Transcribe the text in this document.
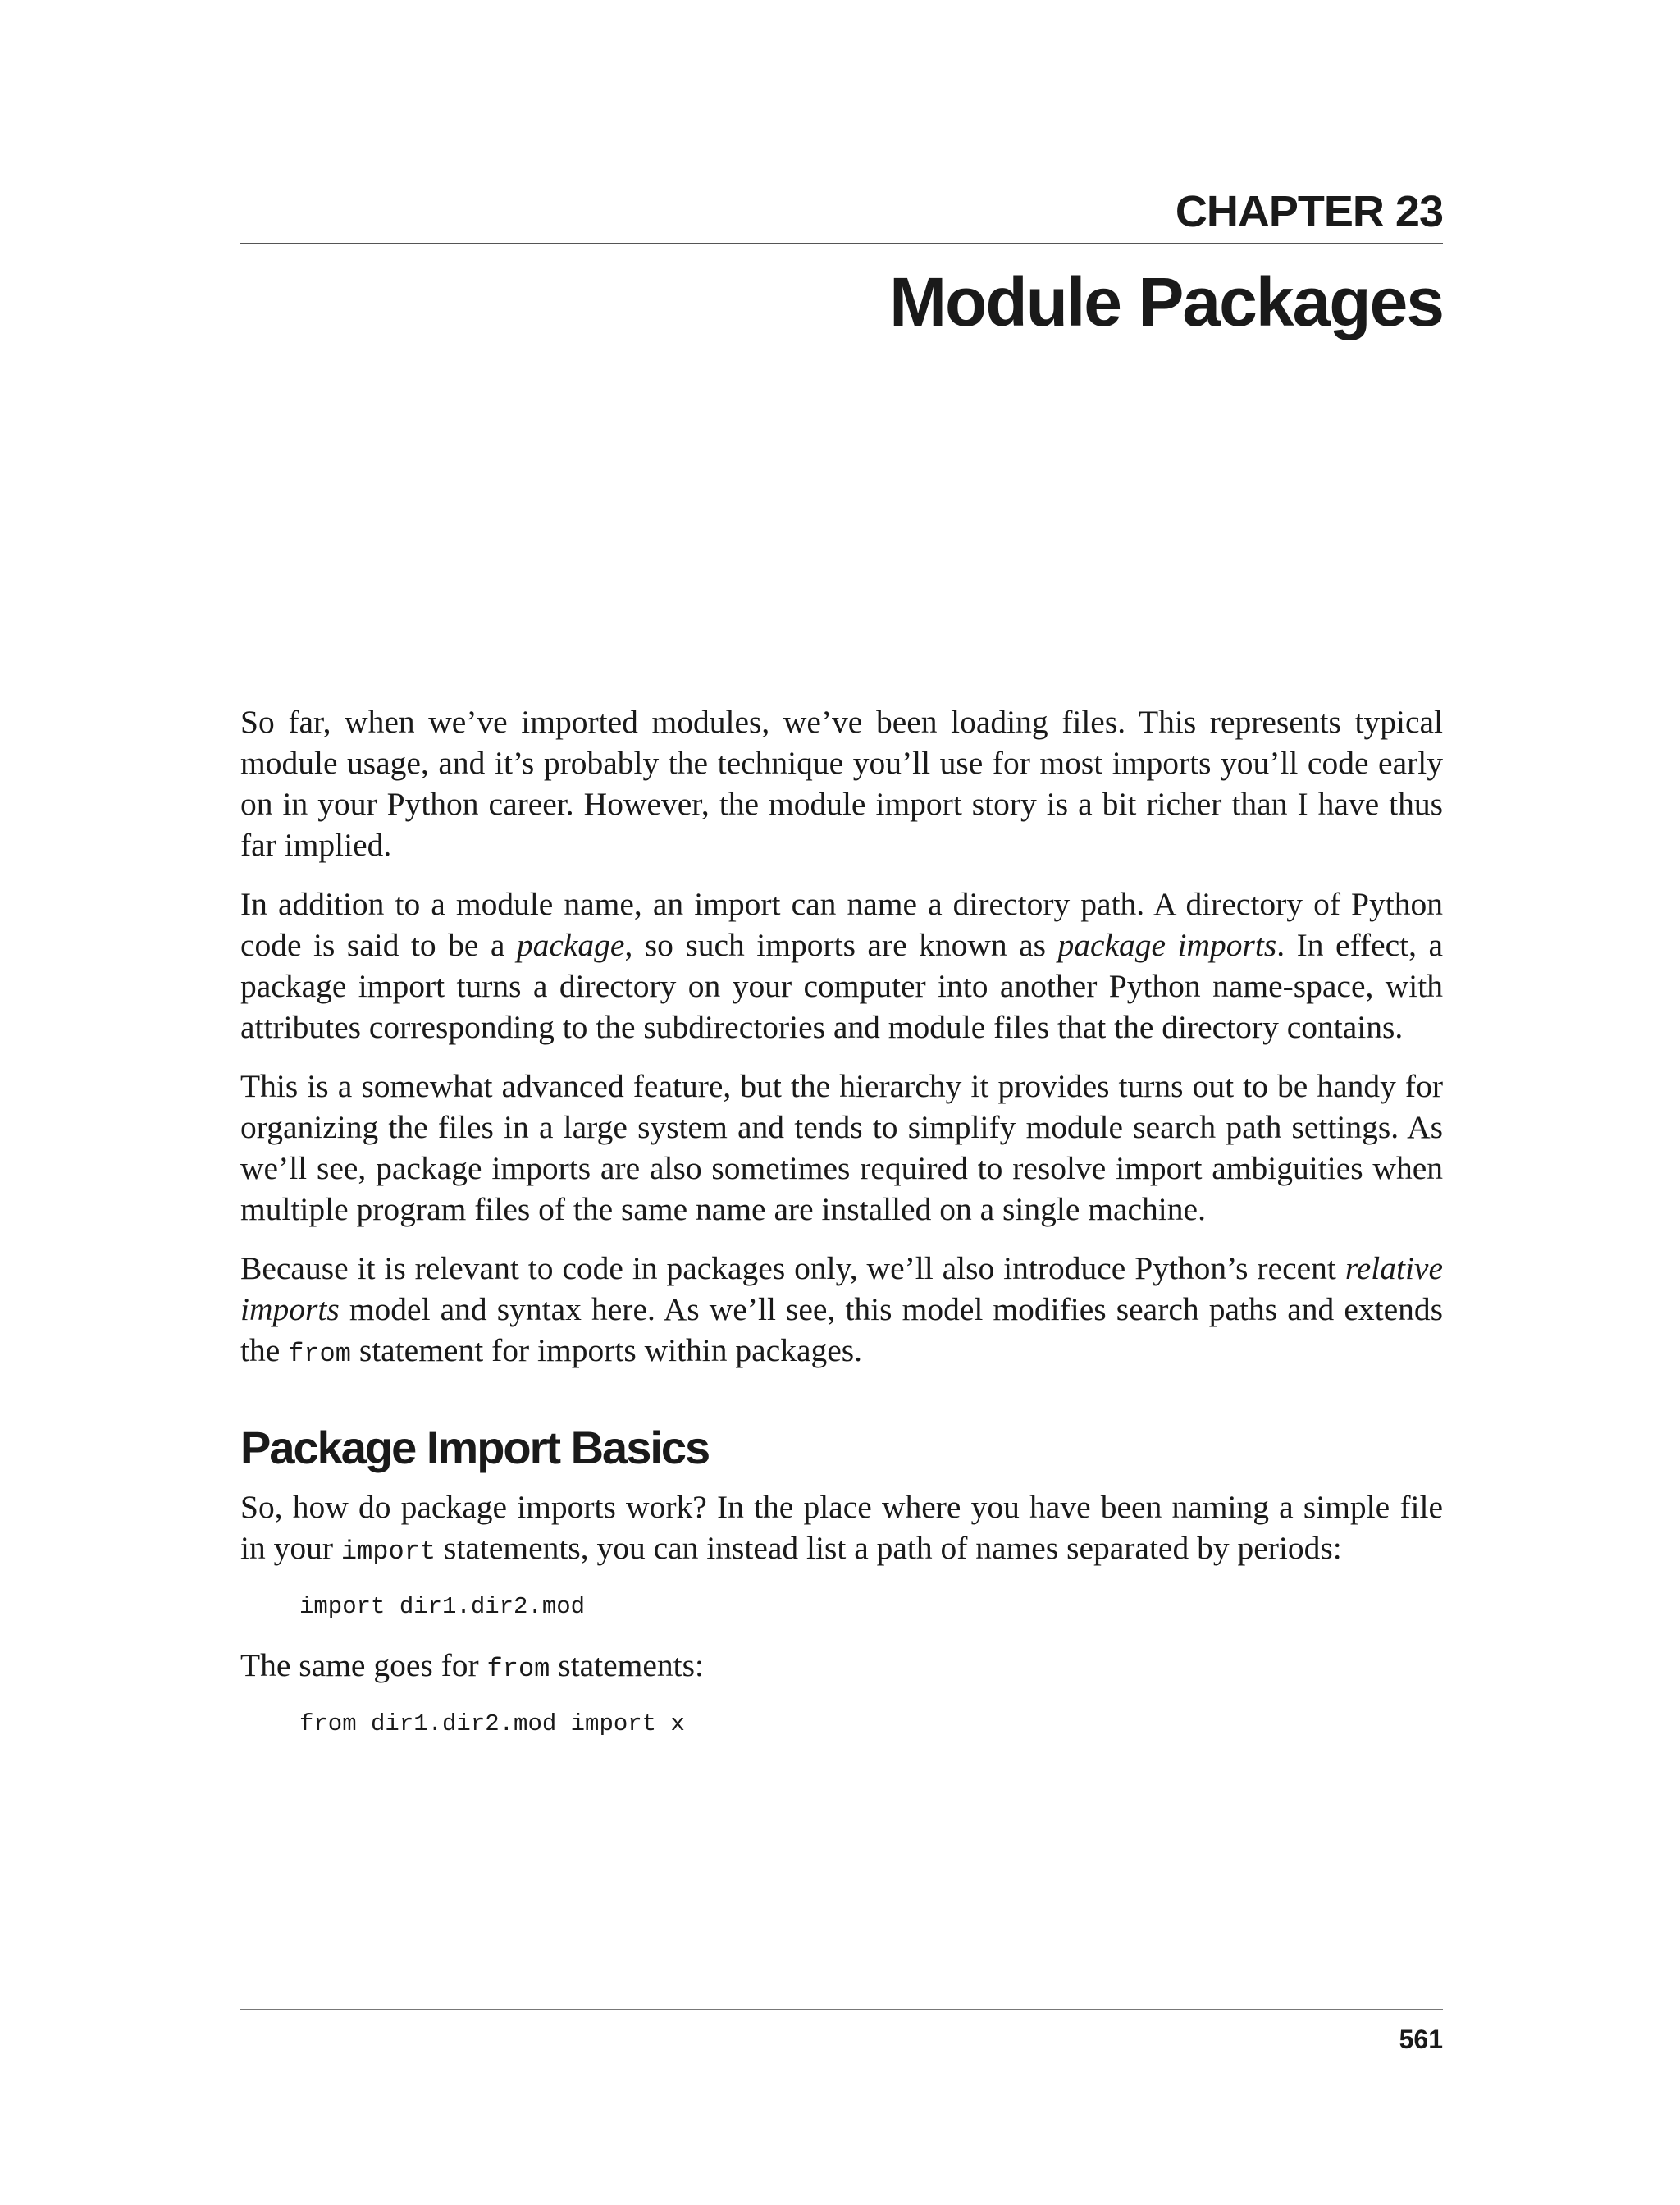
CHAPTER 23
Module Packages

So far, when we’ve imported modules, we’ve been loading files. This represents typical module usage, and it’s probably the technique you’ll use for most imports you’ll code early on in your Python career. However, the module import story is a bit richer than I have thus far implied.

In addition to a module name, an import can name a directory path. A directory of Python code is said to be a package, so such imports are known as package imports. In effect, a package import turns a directory on your computer into another Python name-space, with attributes corresponding to the subdirectories and module files that the directory contains.

This is a somewhat advanced feature, but the hierarchy it provides turns out to be handy for organizing the files in a large system and tends to simplify module search path settings. As we’ll see, package imports are also sometimes required to resolve import ambiguities when multiple program files of the same name are installed on a single machine.

Because it is relevant to code in packages only, we’ll also introduce Python’s recent relative imports model and syntax here. As we’ll see, this model modifies search paths and extends the from statement for imports within packages.

Package Import Basics

So, how do package imports work? In the place where you have been naming a simple file in your import statements, you can instead list a path of names separated by periods:

import dir1.dir2.mod

The same goes for from statements:

from dir1.dir2.mod import x
561
